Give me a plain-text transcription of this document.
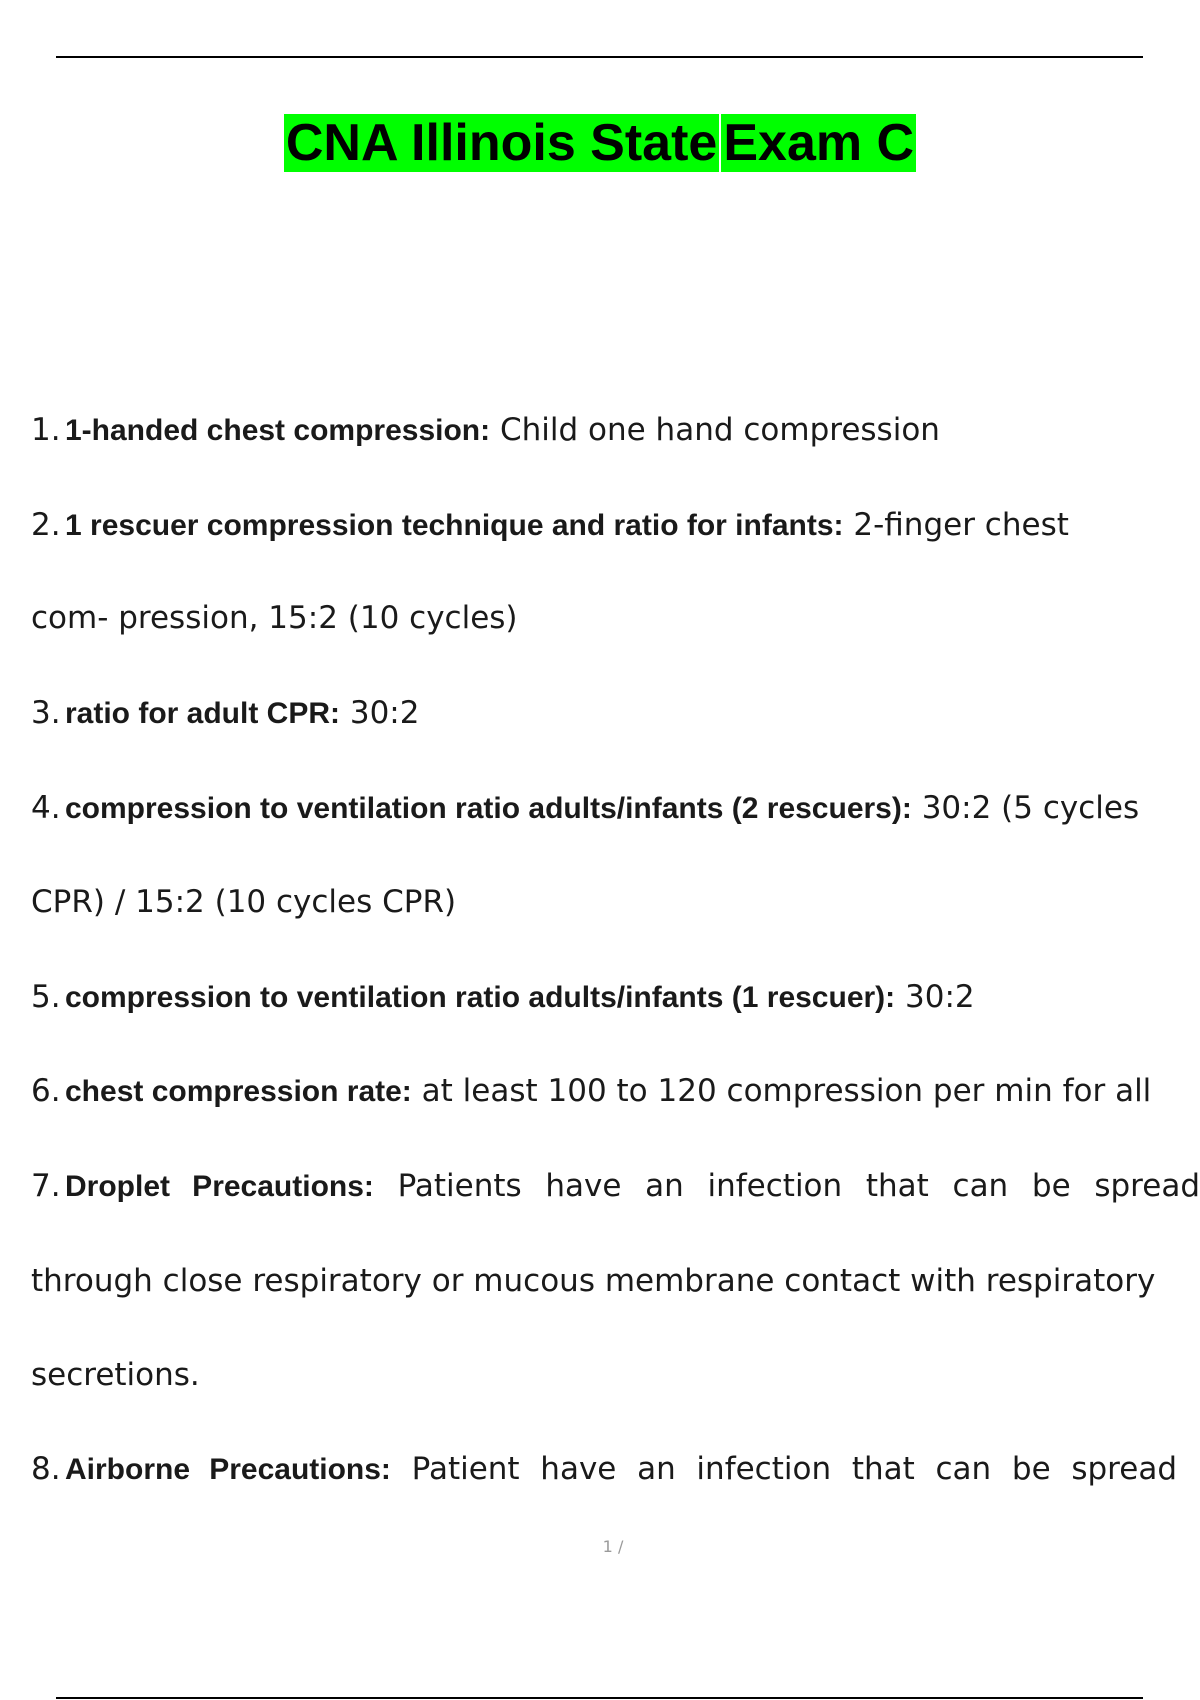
CNA Illinois State Exam C
1. 1-handed chest compression: Child one hand compression
2. 1 rescuer compression technique and ratio for infants: 2-finger chest
com- pression, 15:2 (10 cycles)
3. ratio for adult CPR: 30:2
4. compression to ventilation ratio adults/infants (2 rescuers): 30:2 (5 cycles
CPR) / 15:2 (10 cycles CPR)
5. compression to ventilation ratio adults/infants (1 rescuer): 30:2
6. chest compression rate: at least 100 to 120 compression per min for all
7. Droplet Precautions: Patients have an infection that can be spread
through close respiratory or mucous membrane contact with respiratory
secretions.
8. Airborne Precautions: Patient have an infection that can be spread
1 /
